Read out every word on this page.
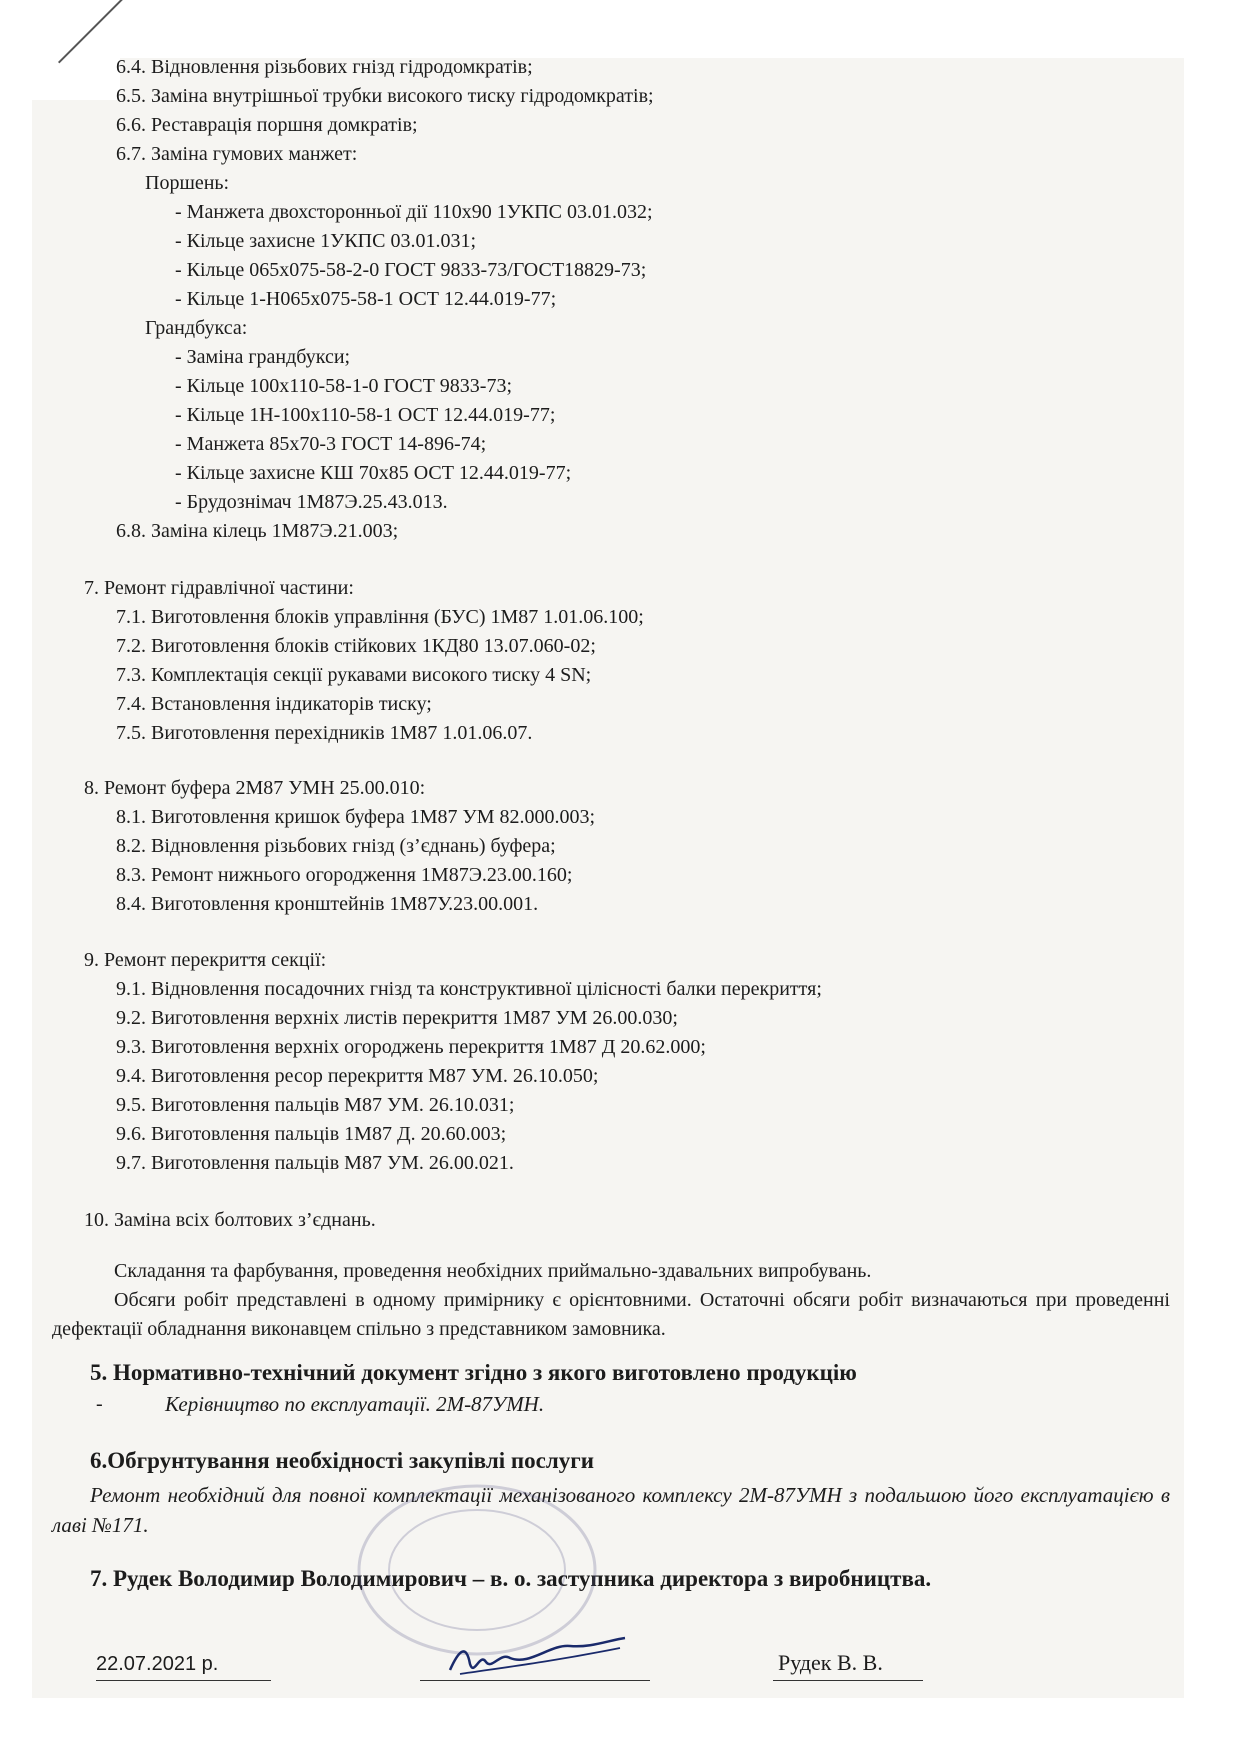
6.4. Відновлення різьбових гнізд гідродомкратів;
6.5. Заміна внутрішньої трубки високого тиску гідродомкратів;
6.6. Реставрація поршня домкратів;
6.7. Заміна гумових манжет:
Поршень:
- Манжета двохсторонньої дії 110х90 1УКПС 03.01.032;
- Кільце захисне 1УКПС 03.01.031;
- Кільце 065х075-58-2-0 ГОСТ 9833-73/ГОСТ18829-73;
- Кільце 1-Н065х075-58-1 ОСТ 12.44.019-77;
Грандбукса:
- Заміна грандбукси;
- Кільце 100х110-58-1-0 ГОСТ 9833-73;
- Кільце 1Н-100х110-58-1 ОСТ 12.44.019-77;
- Манжета 85х70-3 ГОСТ 14-896-74;
- Кільце захисне КШ 70х85 ОСТ 12.44.019-77;
- Брудознімач 1М87Э.25.43.013.
6.8. Заміна кілець 1М87Э.21.003;
7. Ремонт гідравлічної частини:
7.1. Виготовлення блоків управління (БУС) 1М87 1.01.06.100;
7.2. Виготовлення блоків стійкових 1КД80 13.07.060-02;
7.3. Комплектація секції рукавами високого тиску 4 SN;
7.4. Встановлення індикаторів тиску;
7.5. Виготовлення перехідників 1М87 1.01.06.07.
8. Ремонт буфера 2М87 УМН 25.00.010:
8.1. Виготовлення кришок буфера 1М87 УМ 82.000.003;
8.2. Відновлення різьбових гнізд (з’єднань) буфера;
8.3. Ремонт нижнього огородження 1М87Э.23.00.160;
8.4. Виготовлення кронштейнів 1М87У.23.00.001.
9. Ремонт перекриття секції:
9.1. Відновлення посадочних гнізд та конструктивної цілісності балки перекриття;
9.2. Виготовлення верхніх листів перекриття 1М87 УМ 26.00.030;
9.3. Виготовлення верхніх огороджень перекриття 1М87 Д 20.62.000;
9.4. Виготовлення ресор перекриття М87 УМ. 26.10.050;
9.5. Виготовлення пальців М87 УМ. 26.10.031;
9.6. Виготовлення пальців 1М87 Д. 20.60.003;
9.7. Виготовлення пальців М87 УМ. 26.00.021.
10. Заміна всіх болтових з’єднань.
Складання та фарбування, проведення необхідних приймально-здавальних випробувань.
Обсяги робіт представлені в одному примірнику є орієнтовними. Остаточні обсяги робіт визначаються при проведенні дефектації обладнання виконавцем спільно з представником замовника.
5. Нормативно-технічний документ згідно з якого виготовлено продукцію
-	Керівництво по експлуатації. 2М-87УМН.
6.Обгрунтування необхідності закупівлі послуги
Ремонт необхідний для повної комплектації механізованого комплексу 2М-87УМН з подальшою його експлуатацією в лаві №171.
7. Рудек Володимир Володимирович – в. о. заступника директора з виробництва.
22.07.2021 р.	Рудек В. В.
